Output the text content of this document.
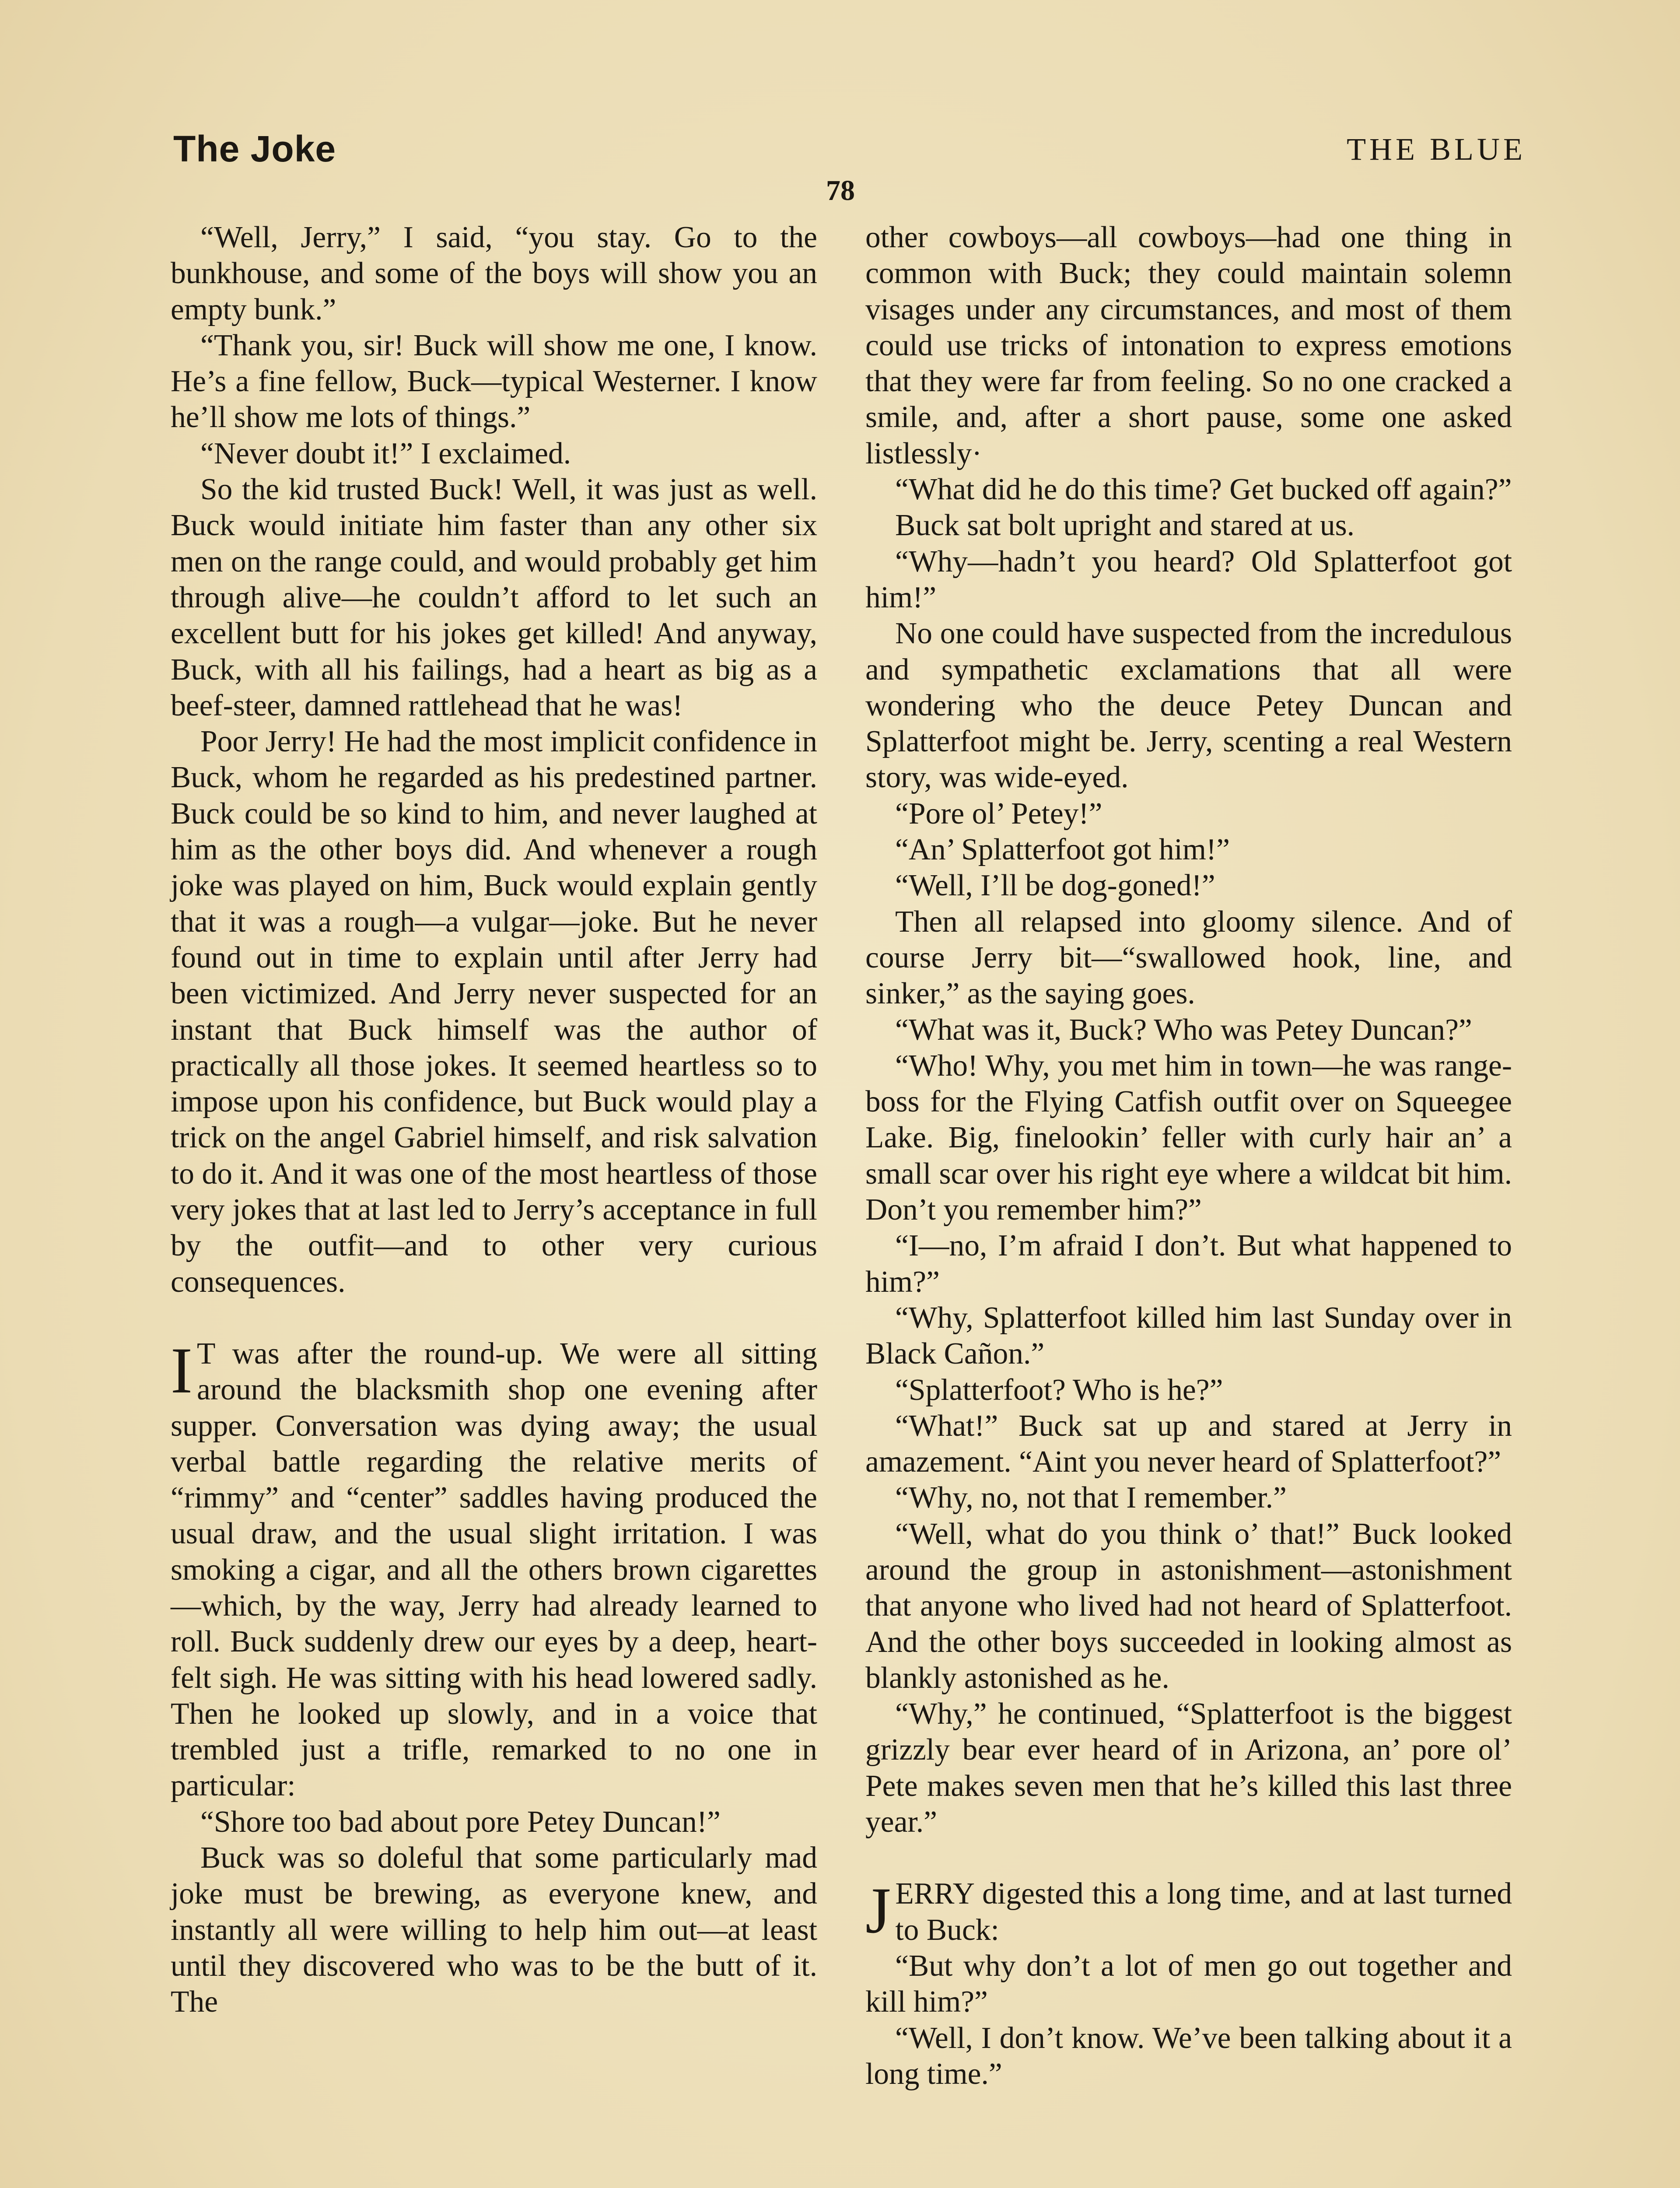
The Joke	THE BLUE
78

“Well, Jerry,” I said, “you stay. Go to the bunkhouse, and some of the boys will show you an empty bunk.”

“Thank you, sir! Buck will show me one, I know. He’s a fine fellow, Buck—typical Westerner. I know he’ll show me lots of things.”

“Never doubt it!” I exclaimed.

So the kid trusted Buck! Well, it was just as well. Buck would initiate him faster than any other six men on the range could, and would probably get him through alive—he couldn’t afford to let such an excellent butt for his jokes get killed! And anyway, Buck, with all his failings, had a heart as big as a beef-steer, damned rattlehead that he was!

Poor Jerry! He had the most implicit confidence in Buck, whom he regarded as his predestined partner. Buck could be so kind to him, and never laughed at him as the other boys did. And whenever a rough joke was played on him, Buck would explain gently that it was a rough—a vulgar—joke. But he never found out in time to explain until after Jerry had been victimized. And Jerry never suspected for an instant that Buck himself was the author of practically all those jokes. It seemed heartless so to impose upon his confidence, but Buck would play a trick on the angel Gabriel himself, and risk salvation to do it. And it was one of the most heartless of those very jokes that at last led to Jerry’s acceptance in full by the outfit—and to other very curious consequences.

I T was after the round-up. We were all sitting around the blacksmith shop one evening after supper. Conversation was dying away; the usual verbal battle regarding the relative merits of “rimmy” and “center” saddles having produced the usual draw, and the usual slight irritation. I was smoking a cigar, and all the others brown cigarettes—which, by the way, Jerry had already learned to roll. Buck suddenly drew our eyes by a deep, heart-felt sigh. He was sitting with his head lowered sadly. Then he looked up slowly, and in a voice that trembled just a trifle, remarked to no one in particular:

“Shore too bad about pore Petey Duncan!”

Buck was so doleful that some particularly mad joke must be brewing, as everyone knew, and instantly all were willing to help him out—at least until they discovered who was to be the butt of it. The

other cowboys—all cowboys—had one thing in common with Buck; they could maintain solemn visages under any circumstances, and most of them could use tricks of intonation to express emotions that they were far from feeling. So no one cracked a smile, and, after a short pause, some one asked listlessly·

“What did he do this time? Get bucked off again?”

Buck sat bolt upright and stared at us.

“Why—hadn’t you heard? Old Splatterfoot got him!”

No one could have suspected from the incredulous and sympathetic exclamations that all were wondering who the deuce Petey Duncan and Splatterfoot might be. Jerry, scenting a real Western story, was wide-eyed.

“Pore ol’ Petey!”

“An’ Splatterfoot got him!”

“Well, I’ll be dog-goned!”

Then all relapsed into gloomy silence. And of course Jerry bit—“swallowed hook, line, and sinker,” as the saying goes.

“What was it, Buck? Who was Petey Duncan?”

“Who! Why, you met him in town—he was range-boss for the Flying Catfish outfit over on Squeegee Lake. Big, finelookin’ feller with curly hair an’ a small scar over his right eye where a wildcat bit him. Don’t you remember him?”

“I—no, I’m afraid I don’t. But what happened to him?”

“Why, Splatterfoot killed him last Sunday over in Black Cañon.”

“Splatterfoot? Who is he?”

“What!” Buck sat up and stared at Jerry in amazement. “Aint you never heard of Splatterfoot?”

“Why, no, not that I remember.”

“Well, what do you think o’ that!” Buck looked around the group in astonishment—astonishment that anyone who lived had not heard of Splatterfoot. And the other boys succeeded in looking almost as blankly astonished as he.

“Why,” he continued, “Splatterfoot is the biggest grizzly bear ever heard of in Arizona, an’ pore ol’ Pete makes seven men that he’s killed this last three year.”

JERRY digested this a long time, and at last turned to Buck:

“But why don’t a lot of men go out together and kill him?”

“Well, I don’t know. We’ve been talking about it a long time.”
